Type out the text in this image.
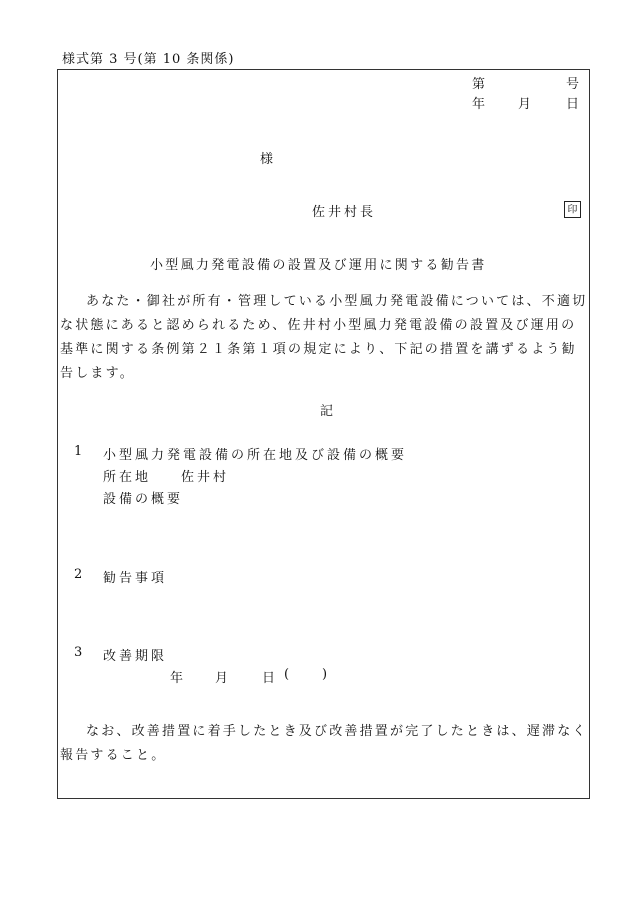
様式第 3 号(第 10 条関係)
第	号
年	月	日
様
佐井村長	印
小型風力発電設備の設置及び運用に関する勧告書
あなた・御社が所有・管理している小型風力発電設備については、不適切な状態にあると認められるため、佐井村小型風力発電設備の設置及び運用の基準に関する条例第２１条第１項の規定により、下記の措置を講ずるよう勧告します。
記
1 小型風力発電設備の所在地及び設備の概要
所在地 佐井村
設備の概要
2 勧告事項
3 改善期限
年 月	日 (	)
なお、改善措置に着手したとき及び改善措置が完了したときは、遅滞なく報告すること。
